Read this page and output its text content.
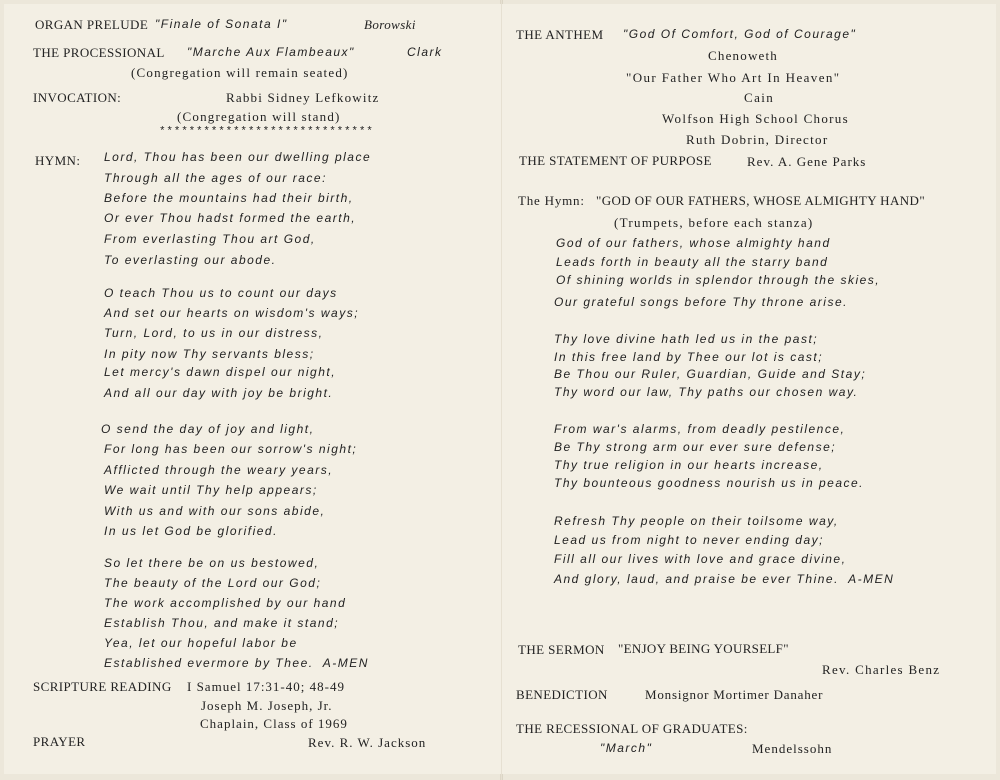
ORGAN PRELUDE "Finale of Sonata I"	Borowski
THE PROCESSIONAL "Marche Aux Flambeaux"	Clark
(Congregation will remain seated)
INVOCATION:	Rabbi Sidney Lefkowitz
(Congregation will stand)
*****************************
HYMN: Lord, Thou has been our dwelling place
Through all the ages of our race:
Before the mountains had their birth,
Or ever Thou hadst formed the earth,
From everlasting Thou art God,
To everlasting our abode.
O teach Thou us to count our days
And set our hearts on wisdom's ways;
Turn, Lord, to us in our distress,
In pity now Thy servants bless;
Let mercy's dawn dispel our night,
And all our day with joy be bright.
O send the day of joy and light,
For long has been our sorrow's night;
Afflicted through the weary years,
We wait until Thy help appears;
With us and with our sons abide,
In us let God be glorified.
So let there be on us bestowed,
The beauty of the Lord our God;
The work accomplished by our hand
Establish Thou, and make it stand;
Yea, let our hopeful labor be
Established evermore by Thee.  A-MEN
SCRIPTURE READING I Samuel 17:31-40; 48-49
Joseph M. Joseph, Jr.
Chaplain, Class of 1969
PRAYER	Rev. R. W. Jackson
THE ANTHEM "God Of Comfort, God of Courage"
Chenoweth
"Our Father Who Art In Heaven"
Cain
Wolfson High School Chorus
Ruth Dobrin, Director
THE STATEMENT OF PURPOSE	Rev. A. Gene Parks
The Hymn: "GOD OF OUR FATHERS, WHOSE ALMIGHTY HAND"
(Trumpets, before each stanza)
God of our fathers, whose almighty hand
Leads forth in beauty all the starry band
Of shining worlds in splendor through the skies,
Our grateful songs before Thy throne arise.
Thy love divine hath led us in the past;
In this free land by Thee our lot is cast;
Be Thou our Ruler, Guardian, Guide and Stay;
Thy word our law, Thy paths our chosen way.
From war's alarms, from deadly pestilence,
Be Thy strong arm our ever sure defense;
Thy true religion in our hearts increase,
Thy bounteous goodness nourish us in peace.
Refresh Thy people on their toilsome way,
Lead us from night to never ending day;
Fill all our lives with love and grace divine,
And glory, laud, and praise be ever Thine.  A-MEN
THE SERMON "ENJOY BEING YOURSELF"
Rev. Charles Benz
BENEDICTION	Monsignor Mortimer Danaher
THE RECESSIONAL OF GRADUATES:
"March"	Mendelssohn
